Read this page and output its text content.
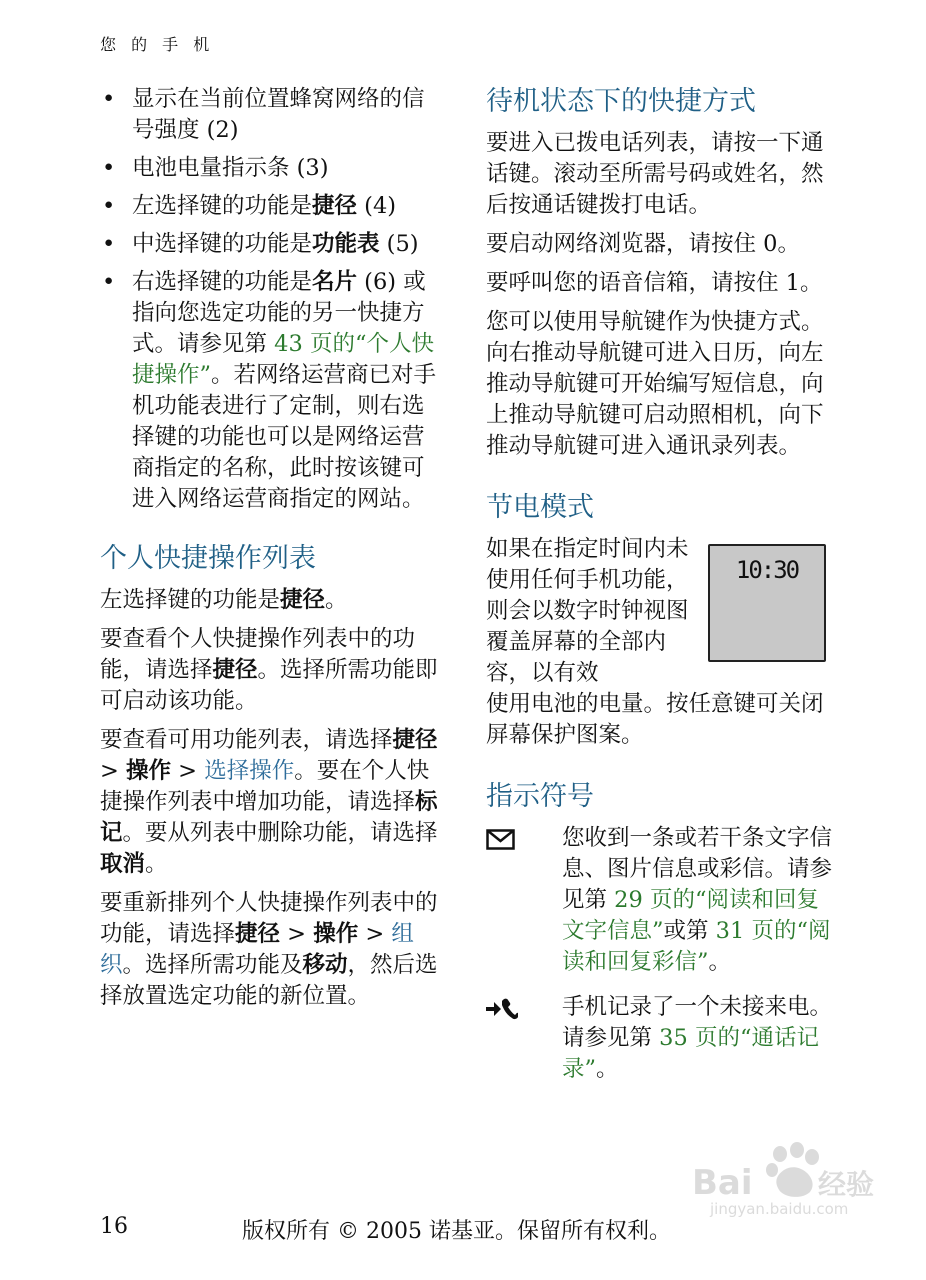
您 的 手 机
• 显示在当前位置蜂窝网络的信号强度 (2)
• 电池电量指示条 (3)
• 左选择键的功能是捷径 (4)
• 中选择键的功能是功能表 (5)
• 右选择键的功能是名片 (6) 或指向您选定功能的另一快捷方式。请参见第 43 页的“个人快捷操作”。若网络运营商已对手机功能表进行了定制，则右选择键的功能也可以是网络运营商指定的名称，此时按该键可进入网络运营商指定的网站。
个人快捷操作列表

左选择键的功能是捷径。

要查看个人快捷操作列表中的功能，请选择捷径。选择所需功能即可启动该功能。

要查看可用功能列表，请选择捷径 > 操作 > 选择操作。要在个人快捷操作列表中增加功能，请选择标记。要从列表中删除功能，请选择取消。

要重新排列个人快捷操作列表中的功能，请选择捷径 > 操作 > 组织。选择所需功能及移动，然后选择放置选定功能的新位置。

待机状态下的快捷方式

要进入已拨电话列表，请按一下通话键。滚动至所需号码或姓名，然后按通话键拨打电话。

要启动网络浏览器，请按住 0。

要呼叫您的语音信箱，请按住 1。

您可以使用导航键作为快捷方式。向右推动导航键可进入日历，向左推动导航键可开始编写短信息，向上推动导航键可启动照相机，向下推动导航键可进入通讯录列表。

节电模式
10:30

如果在指定时间内未使用任何手机功能，则会以数字时钟视图覆盖屏幕的全部内容，以有效

使用电池的电量。按任意键可关闭屏幕保护图案。

指示符号

您收到一条或若干条文字信息、图片信息或彩信。请参见第 29 页的“阅读和回复文字信息”或第 31 页的“阅读和回复彩信”。

手机记录了一个未接来电。请参见第 35 页的“通话记录”。

Bai 经验
jingyan.baidu.com
16	版权所有 © 2005 诺基亚。保留所有权利。
